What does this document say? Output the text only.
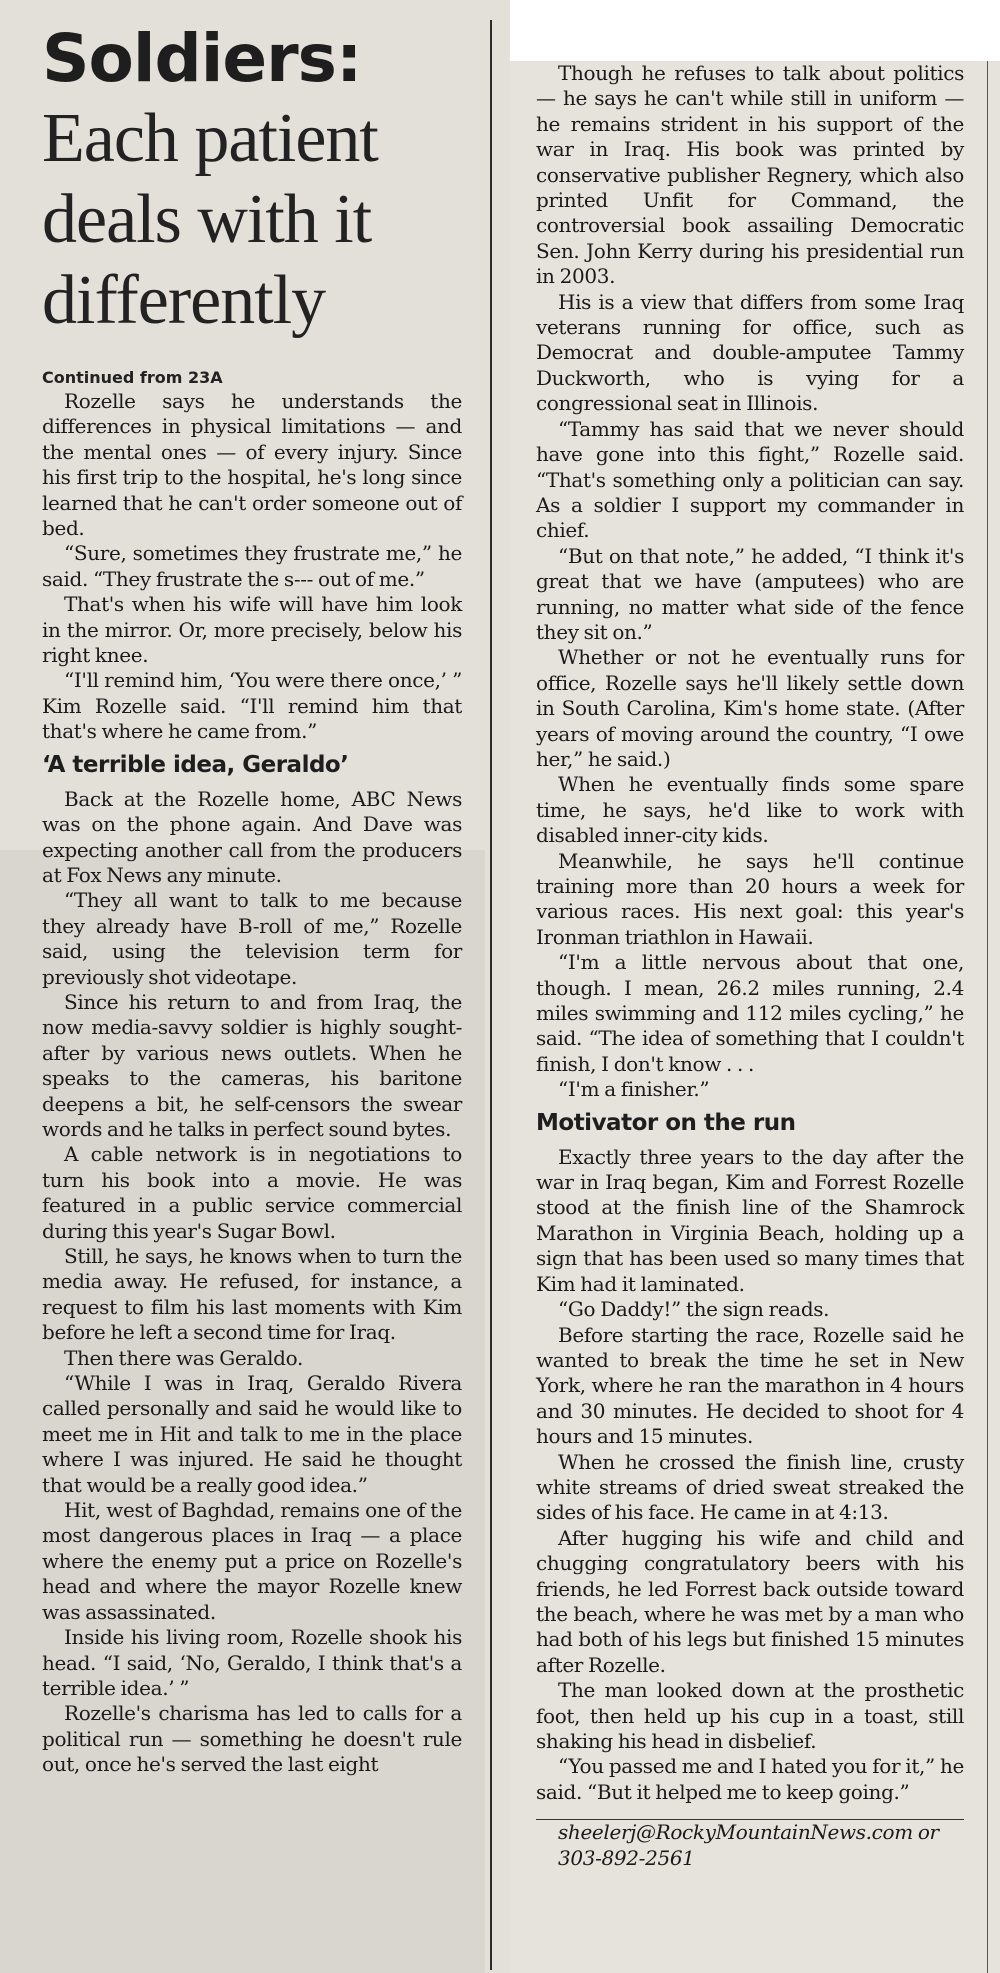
Soldiers:
Each patient deals with it differently
Continued from 23A

Rozelle says he understands the differences in physical limitations — and the mental ones — of every injury. Since his first trip to the hospital, he's long since learned that he can't order someone out of bed.

“Sure, sometimes they frustrate me,” he said. “They frustrate the s--- out of me.”

That's when his wife will have him look in the mirror. Or, more precisely, below his right knee.

“I'll remind him, ‘You were there once,’ ” Kim Rozelle said. “I'll remind him that that's where he came from.”

‘A terrible idea, Geraldo’

Back at the Rozelle home, ABC News was on the phone again. And Dave was expecting another call from the producers at Fox News any minute.

“They all want to talk to me because they already have B-roll of me,” Rozelle said, using the television term for previously shot videotape.

Since his return to and from Iraq, the now media-savvy soldier is highly sought- after by various news outlets. When he speaks to the cameras, his baritone deepens a bit, he self-censors the swear words and he talks in perfect sound bytes.

A cable network is in negotiations to turn his book into a movie. He was featured in a public service commercial during this year's Sugar Bowl.

Still, he says, he knows when to turn the media away. He refused, for instance, a request to film his last moments with Kim before he left a second time for Iraq.

Then there was Geraldo.

“While I was in Iraq, Geraldo Rivera called personally and said he would like to meet me in Hit and talk to me in the place where I was injured. He said he thought that would be a really good idea.”

Hit, west of Baghdad, remains one of the most dangerous places in Iraq — a place where the enemy put a price on Rozelle's head and where the mayor Rozelle knew was assassinated.

Inside his living room, Rozelle shook his head. “I said, ‘No, Geraldo, I think that's a terrible idea.’ ”

Rozelle's charisma has led to calls for a political run — something he doesn't rule out, once he's served the last eight

Though he refuses to talk about politics — he says he can't while still in uniform — he remains strident in his support of the war in Iraq. His book was printed by conservative publisher Regnery, which also printed Unfit for Command, the controversial book assailing Democratic Sen. John Kerry during his presidential run in 2003.

His is a view that differs from some Iraq veterans running for office, such as Democrat and double-amputee Tammy Duckworth, who is vying for a congressional seat in Illinois.

“Tammy has said that we never should have gone into this fight,” Rozelle said. “That's something only a politician can say. As a soldier I support my commander in chief.

“But on that note,” he added, “I think it's great that we have (amputees) who are running, no matter what side of the fence they sit on.”

Whether or not he eventually runs for office, Rozelle says he'll likely settle down in South Carolina, Kim's home state. (After years of moving around the country, “I owe her,” he said.)

When he eventually finds some spare time, he says, he'd like to work with disabled inner-city kids.

Meanwhile, he says he'll continue training more than 20 hours a week for various races. His next goal: this year's Ironman triathlon in Hawaii.

“I'm a little nervous about that one, though. I mean, 26.2 miles running, 2.4 miles swimming and 112 miles cycling,” he said. “The idea of something that I couldn't finish, I don't know . . .

“I'm a finisher.”

Motivator on the run

Exactly three years to the day after the war in Iraq began, Kim and Forrest Rozelle stood at the finish line of the Shamrock Marathon in Virginia Beach, holding up a sign that has been used so many times that Kim had it laminated.

“Go Daddy!” the sign reads.

Before starting the race, Rozelle said he wanted to break the time he set in New York, where he ran the marathon in 4 hours and 30 minutes. He decided to shoot for 4 hours and 15 minutes.

When he crossed the finish line, crusty white streams of dried sweat streaked the sides of his face. He came in at 4:13.

After hugging his wife and child and chugging congratulatory beers with his friends, he led Forrest back outside toward the beach, where he was met by a man who had both of his legs but finished 15 minutes after Rozelle.

The man looked down at the prosthetic foot, then held up his cup in a toast, still shaking his head in disbelief.

“You passed me and I hated you for it,” he said. “But it helped me to keep going.”

sheelerj@RockyMountainNews.com or

303-892-2561
